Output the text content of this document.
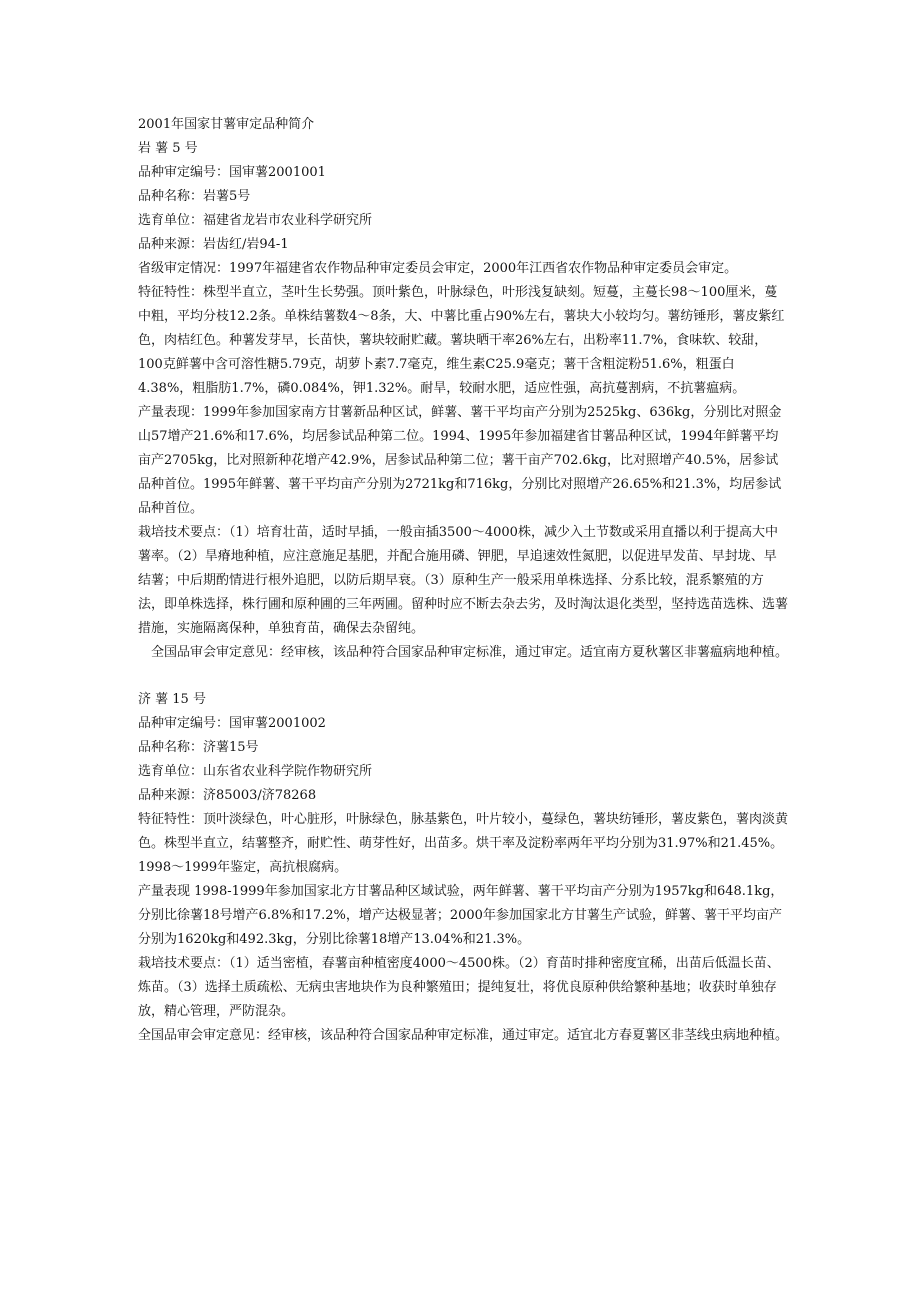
2001年国家甘薯审定品种简介
岩 薯 5 号
品种审定编号：国审薯2001001
品种名称：岩薯5号
选育单位：福建省龙岩市农业科学研究所
品种来源：岩齿红/岩94-1
省级审定情况：1997年福建省农作物品种审定委员会审定，2000年江西省农作物品种审定委员会审定。

特征特性：株型半直立，茎叶生长势强。顶叶紫色，叶脉绿色，叶形浅复缺刻。短蔓，主蔓长98～100厘米，蔓中粗，平均分枝12.2条。单株结薯数4～8条，大、中薯比重占90%左右，薯块大小较均匀。薯纺锤形，薯皮紫红色，肉桔红色。种薯发芽早，长苗快，薯块较耐贮藏。薯块晒干率26%左右，出粉率11.7%，食味软、较甜，100克鲜薯中含可溶性糖5.79克，胡萝卜素7.7毫克，维生素C25.9毫克；薯干含粗淀粉51.6%，粗蛋白4.38%，粗脂肪1.7%，磷0.084%，钾1.32%。耐旱，较耐水肥，适应性强，高抗蔓割病，不抗薯瘟病。

产量表现：1999年参加国家南方甘薯新品种区试，鲜薯、薯干平均亩产分别为2525kg、636kg，分别比对照金山57增产21.6%和17.6%，均居参试品种第二位。1994、1995年参加福建省甘薯品种区试，1994年鲜薯平均亩产2705kg，比对照新种花增产42.9%，居参试品种第二位；薯干亩产702.6kg，比对照增产40.5%，居参试品种首位。1995年鲜薯、薯干平均亩产分别为2721kg和716kg，分别比对照增产26.65%和21.3%，均居参试品种首位。

栽培技术要点：（1）培育壮苗，适时早插，一般亩插3500～4000株，减少入土节数或采用直播以利于提高大中薯率。（2）旱瘠地种植，应注意施足基肥，并配合施用磷、钾肥，早追速效性氮肥，以促进早发苗、早封垅、早结薯；中后期酌情进行根外追肥，以防后期早衰。（3）原种生产一般采用单株选择、分系比较，混系繁殖的方法，即单株选择，株行圃和原种圃的三年两圃。留种时应不断去杂去劣，及时淘汰退化类型，坚持选苗选株、选薯措施，实施隔离保种，单独育苗，确保去杂留纯。

全国品审会审定意见：经审核，该品种符合国家品种审定标准，通过审定。适宜南方夏秋薯区非薯瘟病地种植。

济 薯 15 号
品种审定编号：国审薯2001002
品种名称：济薯15号
选育单位：山东省农业科学院作物研究所
品种来源：济85003/济78268

特征特性：顶叶淡绿色，叶心脏形，叶脉绿色，脉基紫色，叶片较小，蔓绿色，薯块纺锤形，薯皮紫色，薯肉淡黄色。株型半直立，结薯整齐，耐贮性、萌芽性好，出苗多。烘干率及淀粉率两年平均分别为31.97%和21.45%。1998～1999年鉴定，高抗根腐病。

产量表现 1998-1999年参加国家北方甘薯品种区域试验，两年鲜薯、薯干平均亩产分别为1957kg和648.1kg，分别比徐薯18号增产6.8%和17.2%，增产达极显著；2000年参加国家北方甘薯生产试验，鲜薯、薯干平均亩产分别为1620kg和492.3kg，分别比徐薯18增产13.04%和21.3%。

栽培技术要点：（1）适当密植，春薯亩种植密度4000～4500株。（2）育苗时排种密度宜稀，出苗后低温长苗、炼苗。（3）选择土质疏松、无病虫害地块作为良种繁殖田；提纯复壮，将优良原种供给繁种基地；收获时单独存放，精心管理，严防混杂。

全国品审会审定意见：经审核，该品种符合国家品种审定标准，通过审定。适宜北方春夏薯区非茎线虫病地种植。
